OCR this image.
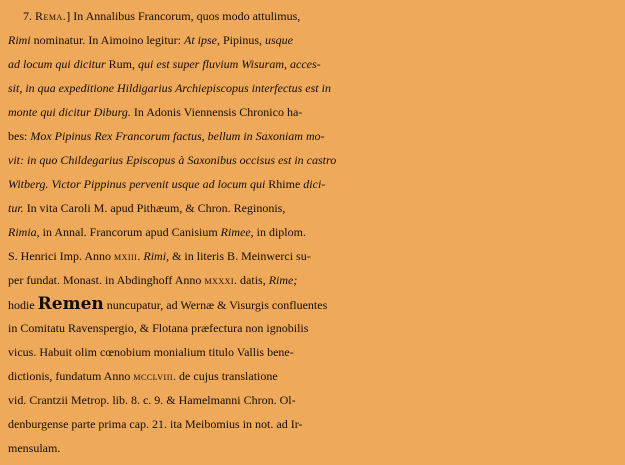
7. Rema.] In Annalibus Francorum, quos modo attulimus,
Rimi nominatur. In Aimoino legitur: At ipse, Pipinus, usque
ad locum qui dicitur Rum, qui est super fluvium Wisuram, acces-
sit, in qua expeditione Hildigarius Archiepiscopus interfectus est in
monte qui dicitur Diburg. In Adonis Viennensis Chronico ha-
bes: Mox Pipinus Rex Francorum factus, bellum in Saxoniam mo-
vit: in quo Childegarius Episcopus à Saxonibus occisus est in castro
Witberg. Victor Pippinus pervenit usque ad locum qui Rhime dici-
tur. In vita Caroli M. apud Pithæum, & Chron. Reginonis,
Rimia, in Annal. Francorum apud Canisium Rimee, in diplom.
S. Henrici Imp. Anno mxiii. Rimi, & in literis B. Meinwerci su-
per fundat. Monast. in Abdinghoff Anno mxxxi. datis, Rime;
hodie Remen nuncupatur, ad Wernæ & Visurgis confluentes
in Comitatu Ravenspergio, & Flotana præfectura non ignobilis
vicus. Habuit olim cœnobium monialium titulo Vallis bene-
dictionis, fundatum Anno mcclviii. de cujus translatione
vid. Crantzii Metrop. lib. 8. c. 9. & Hamelmanni Chron. Ol-
denburgense parte prima cap. 21. ita Meibomius in not. ad Ir-
mensulam.
